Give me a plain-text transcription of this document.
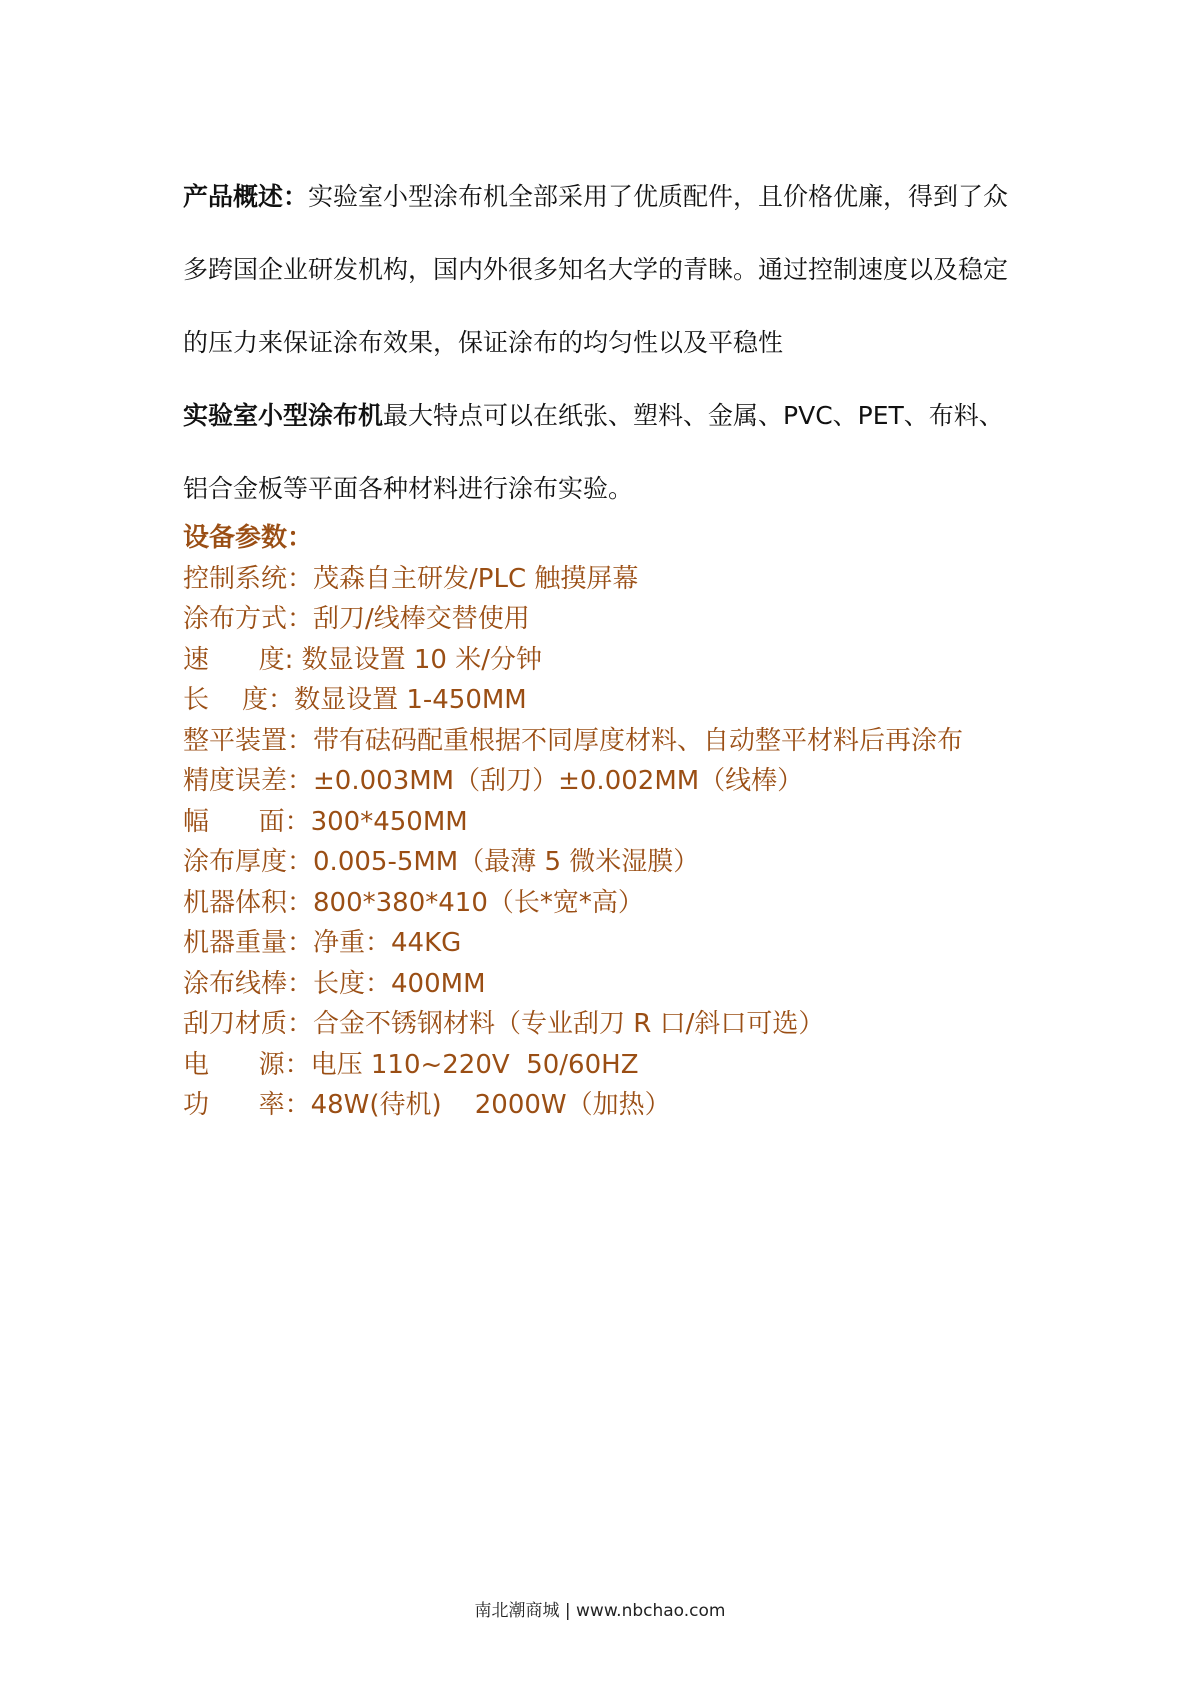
产品概述：实验室小型涂布机全部采用了优质配件，且价格优廉，得到了众多跨国企业研发机构，国内外很多知名大学的青睐。通过控制速度以及稳定的压力来保证涂布效果，保证涂布的均匀性以及平稳性

实验室小型涂布机最大特点可以在纸张、塑料、金属、PVC、PET、布料、铝合金板等平面各种材料进行涂布实验。

设备参数：

控制系统：茂森自主研发/PLC 触摸屏幕

涂布方式：刮刀/线棒交替使用

速      度: 数显设置 10 米/分钟

长    度：数显设置 1-450MM

整平装置：带有砝码配重根据不同厚度材料、自动整平材料后再涂布

精度误差：±0.003MM（刮刀）±0.002MM（线棒）

幅      面：300*450MM

涂布厚度：0.005-5MM（最薄 5 微米湿膜）

机器体积：800*380*410（长*宽*高）

机器重量：净重：44KG

涂布线棒：长度：400MM

刮刀材质：合金不锈钢材料（专业刮刀 R 口/斜口可选）

电      源：电压 110~220V  50/60HZ

功      率：48W(待机)    2000W（加热）

南北潮商城 | www.nbchao.com
